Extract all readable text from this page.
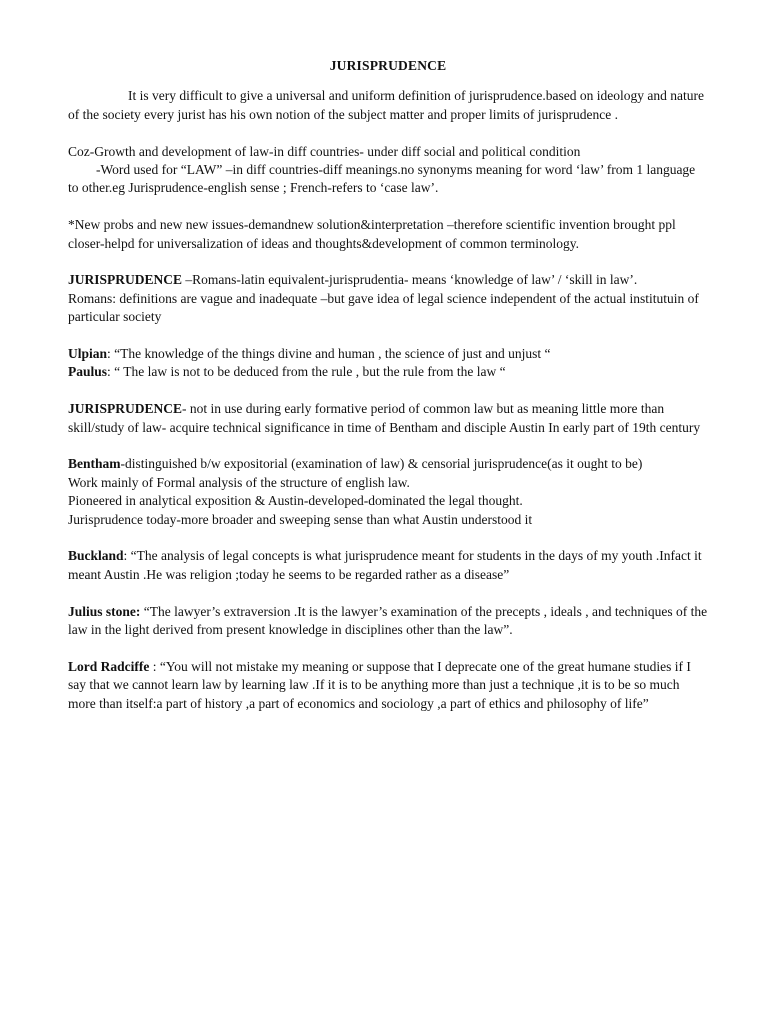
JURISPRUDENCE

It is very difficult to give a universal and uniform definition of jurisprudence.based on ideology and nature of the society every jurist has his own notion of the subject matter and proper limits of jurisprudence .

Coz-Growth and development of law-in diff countries- under diff social and political condition
-Word used for “LAW” –in diff countries-diff meanings.no synonyms meaning for word ‘law’ from 1 language to other.eg Jurisprudence-english sense ; French-refers to ‘case law’.

*New probs and new new issues-demandnew solution&interpretation –therefore scientific invention brought ppl closer-helpd for universalization of ideas and thoughts&development of common terminology.

JURISPRUDENCE –Romans-latin equivalent-jurisprudentia- means ‘knowledge of law’ / ‘skill in law’.
Romans: definitions are vague and inadequate –but gave idea of legal science independent of the actual institutuin of particular society

Ulpian: “The knowledge of the things divine and human , the science of just and unjust “
Paulus: “ The law is not to be deduced from the rule , but the rule from the law “

JURISPRUDENCE- not in use during early formative period of common law but as meaning little more than skill/study of law- acquire technical significance in time of Bentham and disciple Austin In early part of 19th century

Bentham-distinguished b/w expositorial (examination of law) & censorial jurisprudence(as it ought to be)
Work mainly of Formal analysis of the structure of english law.
Pioneered in analytical exposition & Austin-developed-dominated the legal thought.
Jurisprudence today-more broader and sweeping sense than what Austin understood it

Buckland: “The analysis of legal concepts is what jurisprudence meant for students in the days of my youth .Infact it meant Austin .He was religion ;today he seems to be regarded rather as a disease”

Julius stone: “The lawyer’s extraversion .It is the lawyer’s examination of the precepts , ideals , and techniques of the law in the light derived from present knowledge in disciplines other than the law”.

Lord Radciffe : “You will not mistake my meaning or suppose that I deprecate one of the great humane studies if I say that we cannot learn law by learning law .If it is to be anything more than just a technique ,it is to be so much more than itself:a part of history ,a part of economics and sociology ,a part of ethics and philosophy of life”
